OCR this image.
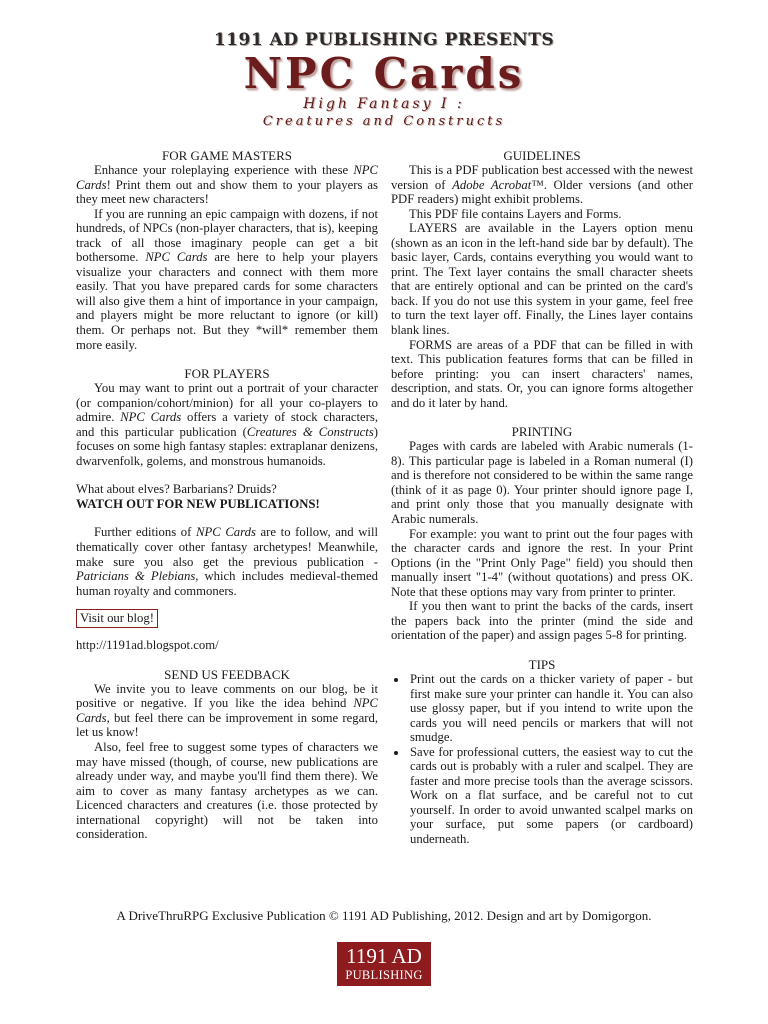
1191 AD PUBLISHING PRESENTS
NPC Cards
High Fantasy I :
Creatures and Constructs
FOR GAME MASTERS

Enhance your roleplaying experience with these NPC Cards! Print them out and show them to your players as they meet new characters!

If you are running an epic campaign with dozens, if not hundreds, of NPCs (non-player characters, that is), keeping track of all those imaginary people can get a bit bothersome. NPC Cards are here to help your players visualize your characters and connect with them more easily. That you have prepared cards for some characters will also give them a hint of importance in your campaign, and players might be more reluctant to ignore (or kill) them. Or perhaps not. But they *will* remember them more easily.

FOR PLAYERS

You may want to print out a portrait of your character (or companion/cohort/minion) for all your co-players to admire. NPC Cards offers a variety of stock characters, and this particular publication (Creatures & Constructs) focuses on some high fantasy staples: extraplanar denizens, dwarvenfolk, golems, and monstrous humanoids.

What about elves? Barbarians? Druids?

WATCH OUT FOR NEW PUBLICATIONS!

Further editions of NPC Cards are to follow, and will thematically cover other fantasy archetypes! Meanwhile, make sure you also get the previous publication - Patricians & Plebians, which includes medieval-themed human royalty and commoners.

Visit our blog!

http://1191ad.blogspot.com/

SEND US FEEDBACK

We invite you to leave comments on our blog, be it positive or negative. If you like the idea behind NPC Cards, but feel there can be improvement in some regard, let us know!

Also, feel free to suggest some types of characters we may have missed (though, of course, new publications are already under way, and maybe you'll find them there). We aim to cover as many fantasy archetypes as we can. Licenced characters and creatures (i.e. those protected by international copyright) will not be taken into consideration.

GUIDELINES

This is a PDF publication best accessed with the newest version of Adobe Acrobat™. Older versions (and other PDF readers) might exhibit problems.

This PDF file contains Layers and Forms.

LAYERS are available in the Layers option menu (shown as an icon in the left-hand side bar by default). The basic layer, Cards, contains everything you would want to print. The Text layer contains the small character sheets that are entirely optional and can be printed on the card's back. If you do not use this system in your game, feel free to turn the text layer off. Finally, the Lines layer contains blank lines.

FORMS are areas of a PDF that can be filled in with text. This publication features forms that can be filled in before printing: you can insert characters' names, description, and stats. Or, you can ignore forms altogether and do it later by hand.

PRINTING

Pages with cards are labeled with Arabic numerals (1-8). This particular page is labeled in a Roman numeral (I) and is therefore not considered to be within the same range (think of it as page 0). Your printer should ignore page I, and print only those that you manually designate with Arabic numerals.

For example: you want to print out the four pages with the character cards and ignore the rest. In your Print Options (in the "Print Only Page" field) you should then manually insert "1-4" (without quotations) and press OK. Note that these options may vary from printer to printer.

If you then want to print the backs of the cards, insert the papers back into the printer (mind the side and orientation of the paper) and assign pages 5-8 for printing.

TIPS
• Print out the cards on a thicker variety of paper - but first make sure your printer can handle it. You can also use glossy paper, but if you intend to write upon the cards you will need pencils or markers that will not smudge.
• Save for professional cutters, the easiest way to cut the cards out is probably with a ruler and scalpel. They are faster and more precise tools than the average scissors. Work on a flat surface, and be careful not to cut yourself. In order to avoid unwanted scalpel marks on your surface, put some papers (or cardboard) underneath.
A DriveThruRPG Exclusive Publication © 1191 AD Publishing, 2012. Design and art by Domigorgon.
1191 AD
PUBLISHING
